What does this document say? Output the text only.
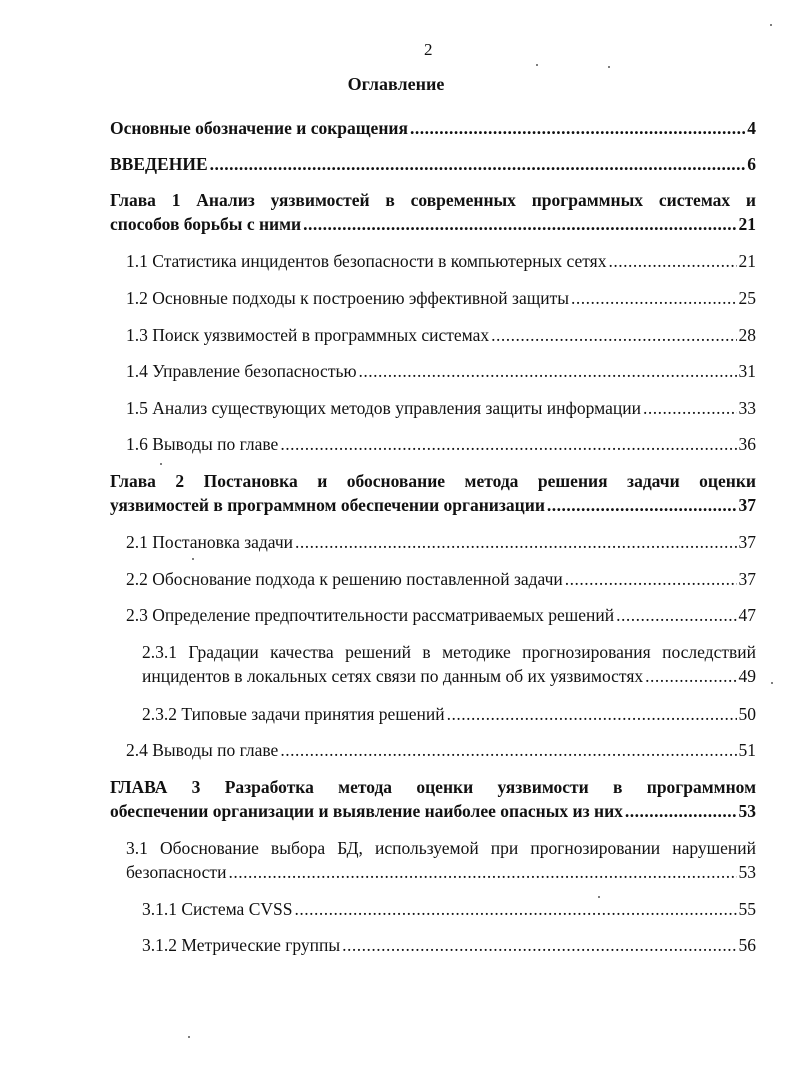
2
Оглавление
Основные обозначение и сокращения .....	4
ВВЕДЕНИЕ .....	6
Глава 1 Анализ уязвимостей в современных программных системах и
способов борьбы с ними .....	21
1.1 Статистика инцидентов безопасности в компьютерных сетях .....	21
1.2 Основные подходы к построению эффективной защиты .....	25
1.3 Поиск уязвимостей в программных системах .....	28
1.4 Управление безопасностью .....	31
1.5 Анализ существующих методов управления защиты информации .....	33
1.6 Выводы по главе .....	36
Глава 2 Постановка и обоснование метода решения задачи оценки
уязвимостей в программном обеспечении организации .....	37
2.1 Постановка задачи .....	37
2.2 Обоснование подхода к решению поставленной задачи .....	37
2.3 Определение предпочтительности рассматриваемых решений .....	47
2.3.1 Градации качества решений в методике прогнозирования последствий
инцидентов в локальных сетях связи по данным об их уязвимостях .....	49
2.3.2 Типовые задачи принятия решений .....	50
2.4 Выводы по главе .....	51
ГЛАВА 3 Разработка метода оценки уязвимости в программном
обеспечении организации и выявление наиболее опасных из них .....	53
3.1 Обоснование выбора БД, используемой при прогнозировании нарушений
безопасности .....	53
3.1.1 Система CVSS .....	55
3.1.2 Метрические группы .....	56
